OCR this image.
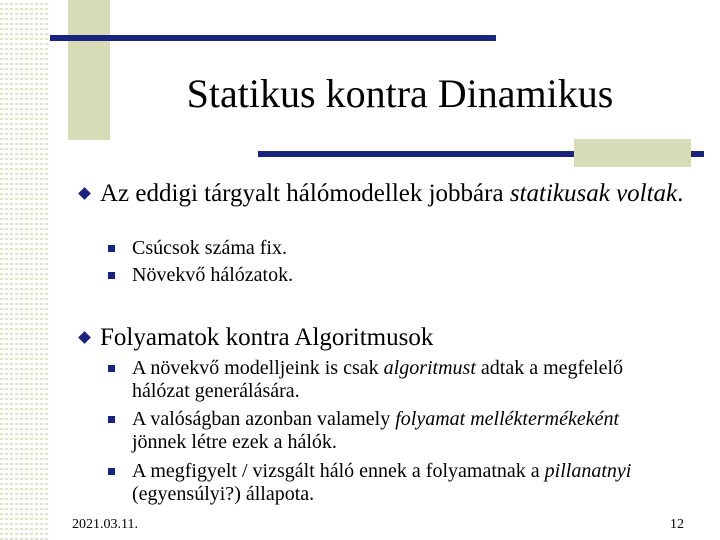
Statikus kontra Dinamikus
Az eddigi tárgyalt hálómodellek jobbára statikusak voltak.
Csúcsok száma fix.
Növekvő hálózatok.
Folyamatok kontra Algoritmusok
A növekvő modelljeink is csak algoritmust adtak a megfelelő hálózat generálására.
A valóságban azonban valamely folyamat melléktermékeként jönnek létre ezek a hálók.
A megfigyelt / vizsgált háló ennek a folyamatnak a pillanatnyi (egyensúlyi?) állapota.
2021.03.11.	12
